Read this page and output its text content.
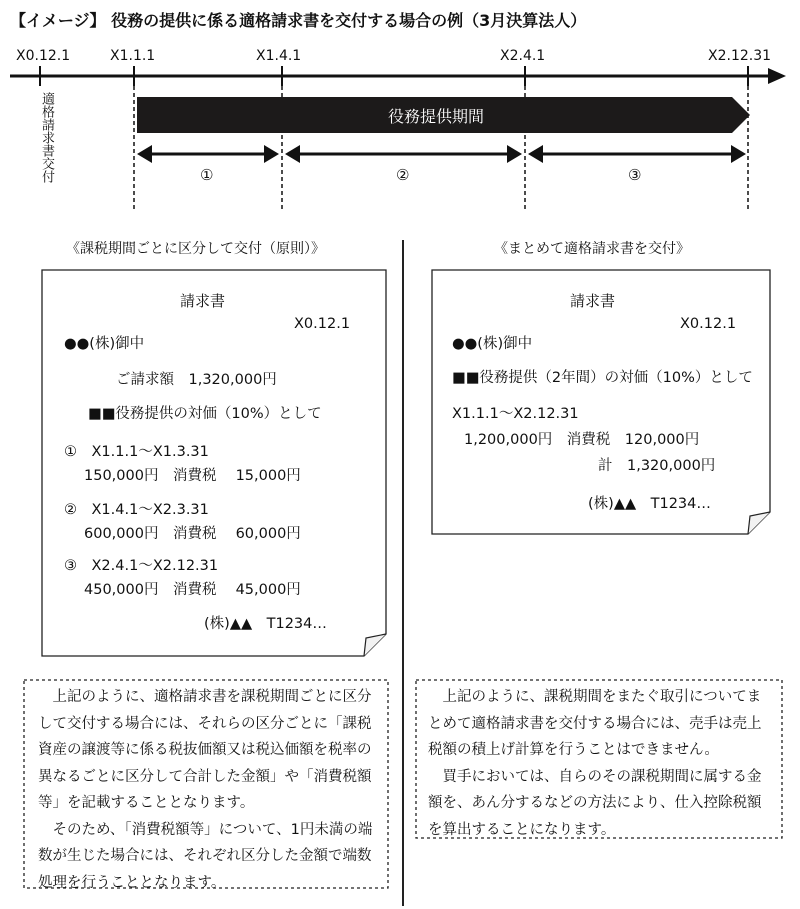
【イメージ】 役務の提供に係る適格請求書を交付する場合の例（3月決算法人）
X0.12.1	X1.1.1	X1.4.1	X2.4.1	X2.12.31
適格請求書交付	役務提供期間
①	②	③
《課税期間ごとに区分して交付（原則）》
請求書
X0.12.1
●●(株)御中
ご請求額　1,320,000円
■■役務提供の対価（10%）として
①　X1.1.1～X1.3.31
150,000円　消費税　 15,000円
②　X1.4.1～X2.3.31
600,000円　消費税　 60,000円
③　X2.4.1～X2.12.31
450,000円　消費税　 45,000円
(株)▲▲　T1234…

上記のように、適格請求書を課税期間ごとに区分して交付する場合には、それらの区分ごとに「課税資産の譲渡等に係る税抜価額又は税込価額を税率の異なるごとに区分して合計した金額」や「消費税額等」を記載することとなります。

そのため、「消費税額等」について、1円未満の端数が生じた場合には、それぞれ区分した金額で端数処理を行うこととなります。

《まとめて適格請求書を交付》
請求書
X0.12.1
●●(株)御中
■■役務提供（2年間）の対価（10%）として
X1.1.1～X2.12.31
1,200,000円　消費税　120,000円
計　1,320,000円
(株)▲▲　T1234…

上記のように、課税期間をまたぐ取引についてまとめて適格請求書を交付する場合には、売手は売上税額の積上げ計算を行うことはできません。

買手においては、自らのその課税期間に属する金額を、あん分するなどの方法により、仕入控除税額を算出することになります。
